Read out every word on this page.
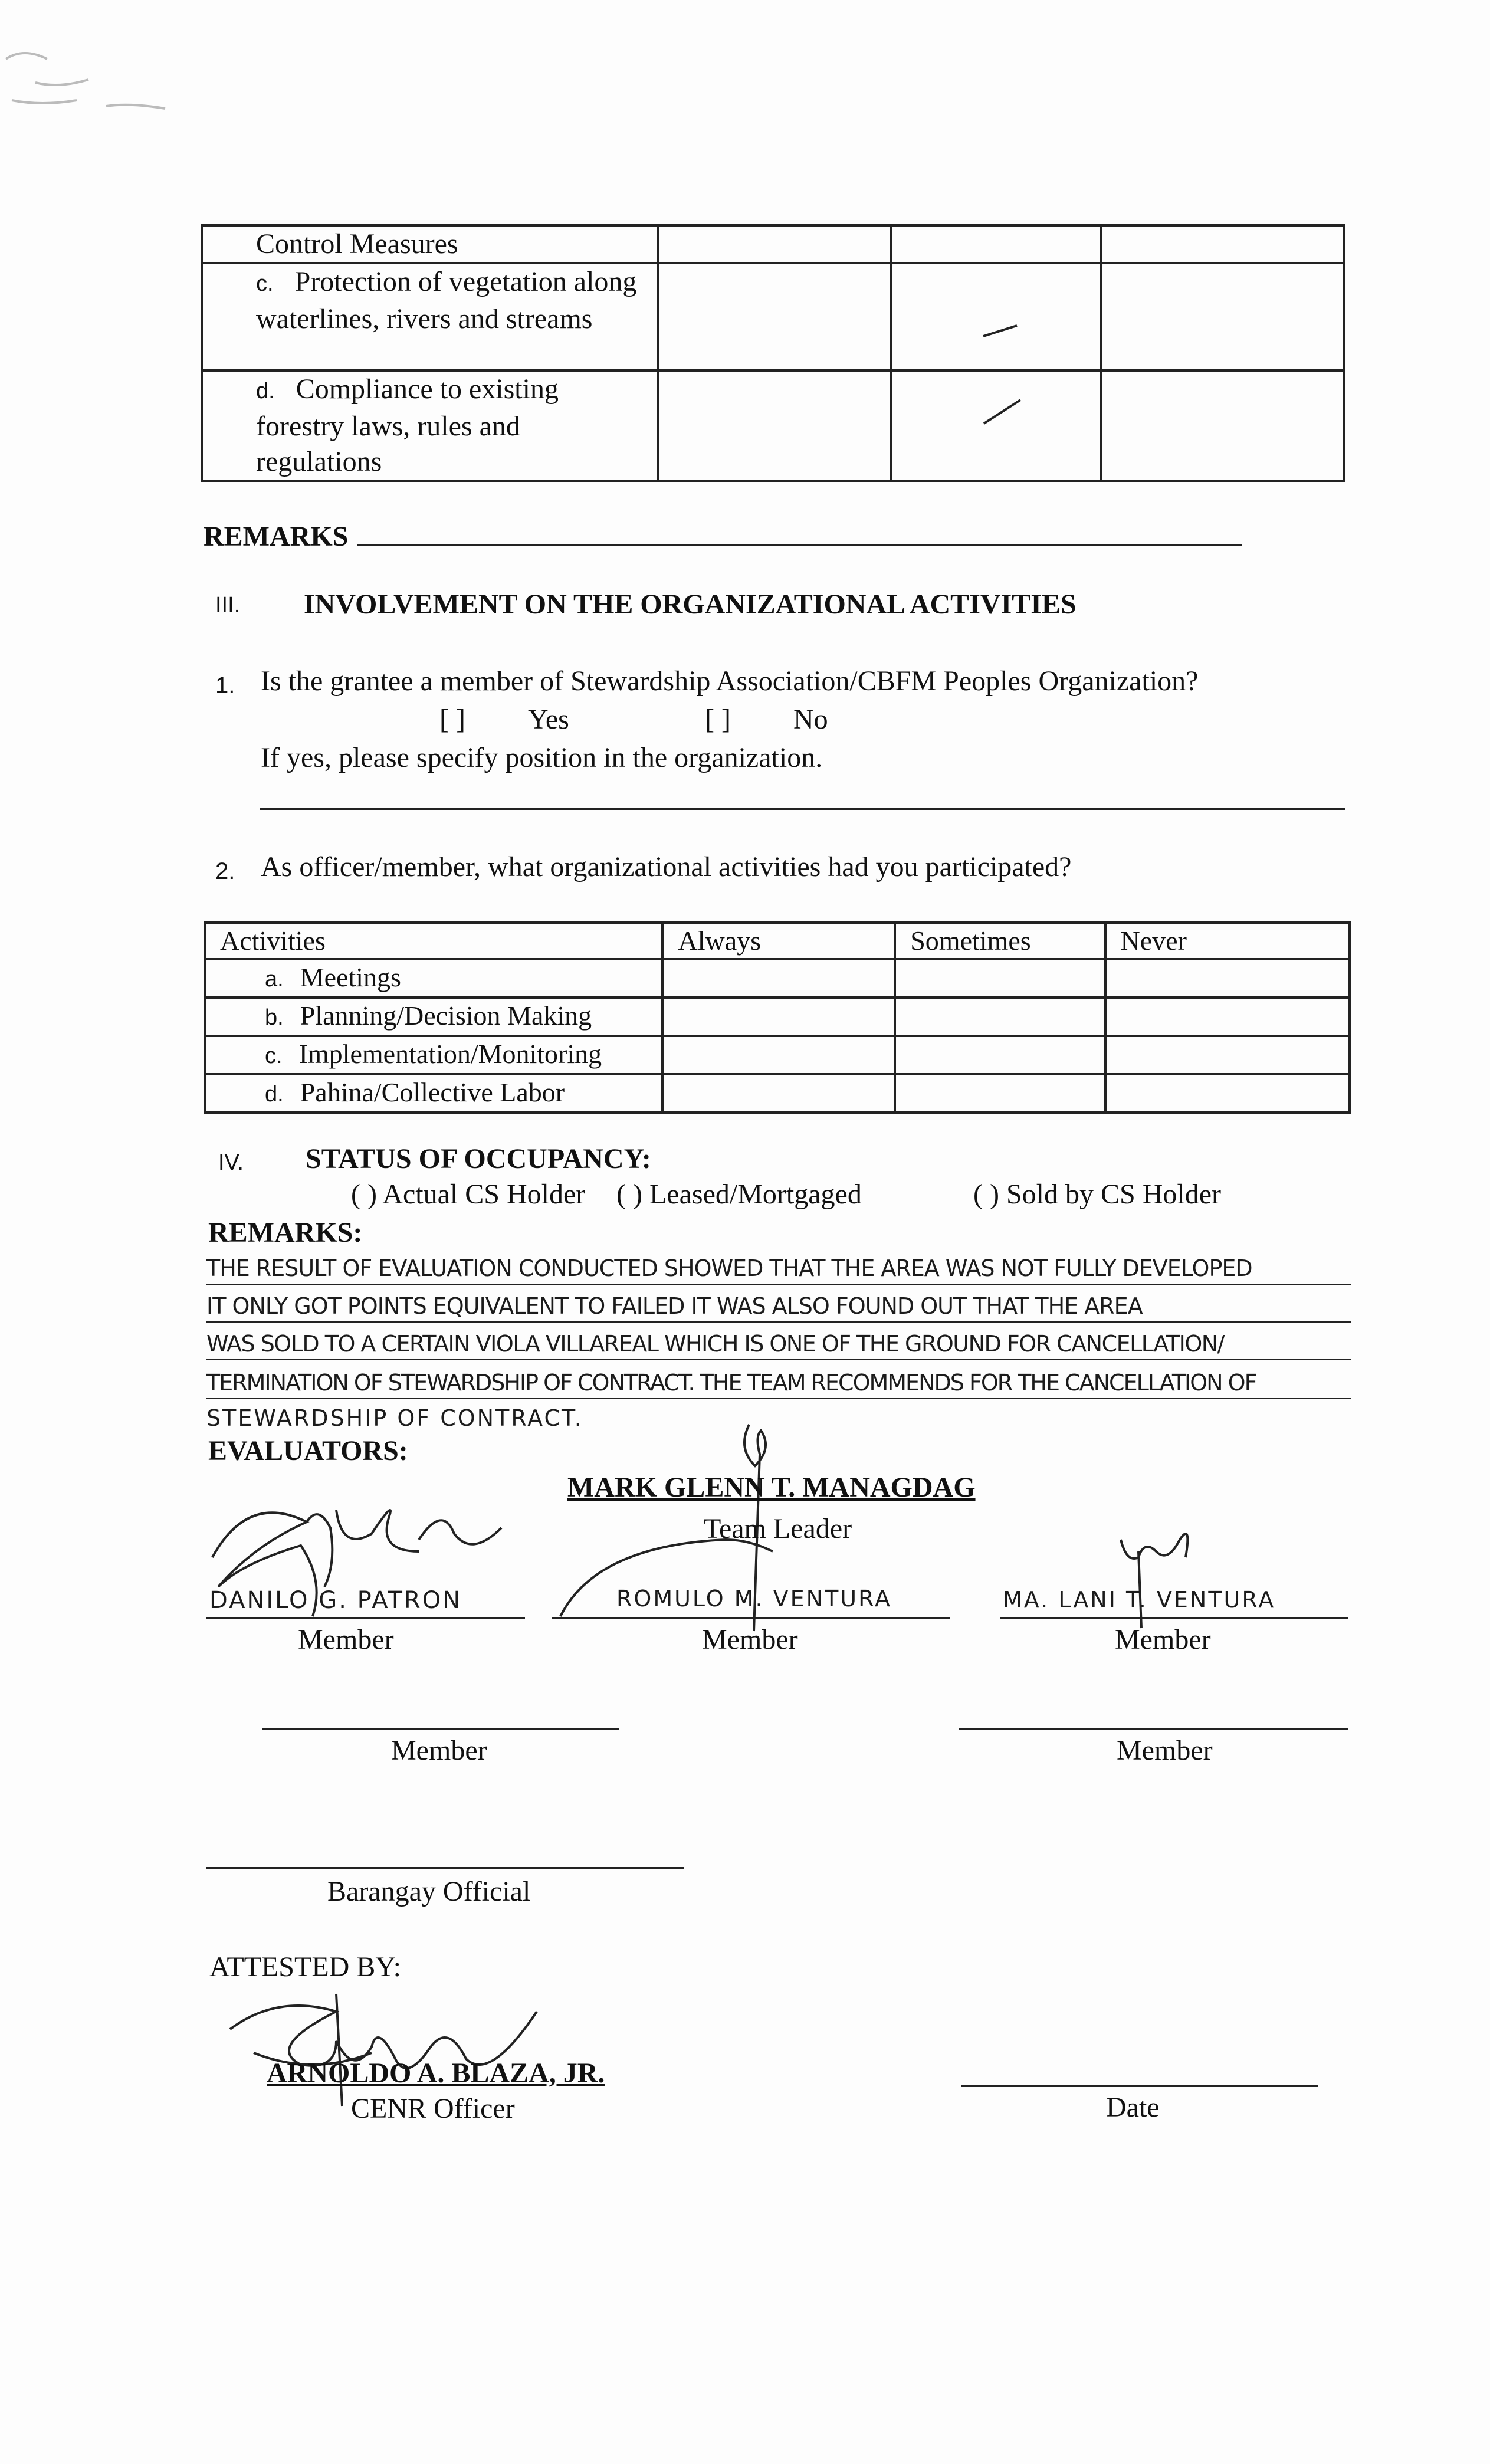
Control Measures			
c. Protection of vegetation along waterlines, rivers and streams		

d. Compliance to existing forestry laws, rules and regulations		

REMARKS
III. INVOLVEMENT ON THE ORGANIZATIONAL ACTIVITIES
1. Is the grantee a member of Stewardship Association/CBFM Peoples Organization?
[ ] Yes	[ ] No
If yes, please specify position in the organization.
2. As officer/member, what organizational activities had you participated?
Activities	Always	Sometimes	Never
a. Meetings			
b. Planning/Decision Making			
c. Implementation/Monitoring			
d. Pahina/Collective Labor			
IV. STATUS OF OCCUPANCY:
( ) Actual CS Holder ( ) Leased/Mortgaged	( ) Sold by CS Holder
REMARKS:
THE RESULT OF EVALUATION CONDUCTED SHOWED THAT THE AREA WAS NOT FULLY DEVELOPED
IT ONLY GOT POINTS EQUIVALENT TO FAILED IT WAS ALSO FOUND OUT THAT THE AREA
WAS SOLD TO A CERTAIN VIOLA VILLAREAL WHICH IS ONE OF THE GROUND FOR CANCELLATION/
TERMINATION OF STEWARDSHIP OF CONTRACT. THE TEAM RECOMMENDS FOR THE CANCELLATION OF
STEWARDSHIP OF CONTRACT.
EVALUATORS:
MARK GLENN T. MANAGDAG
Team Leader
DANILO G. PATRON
Member
ROMULO M. VENTURA
Member
MA. LANI T. VENTURA
Member
Member	Member
Barangay Official
ATTESTED BY:
ARNOLDO A. BLAZA, JR.
CENR Officer	Date
